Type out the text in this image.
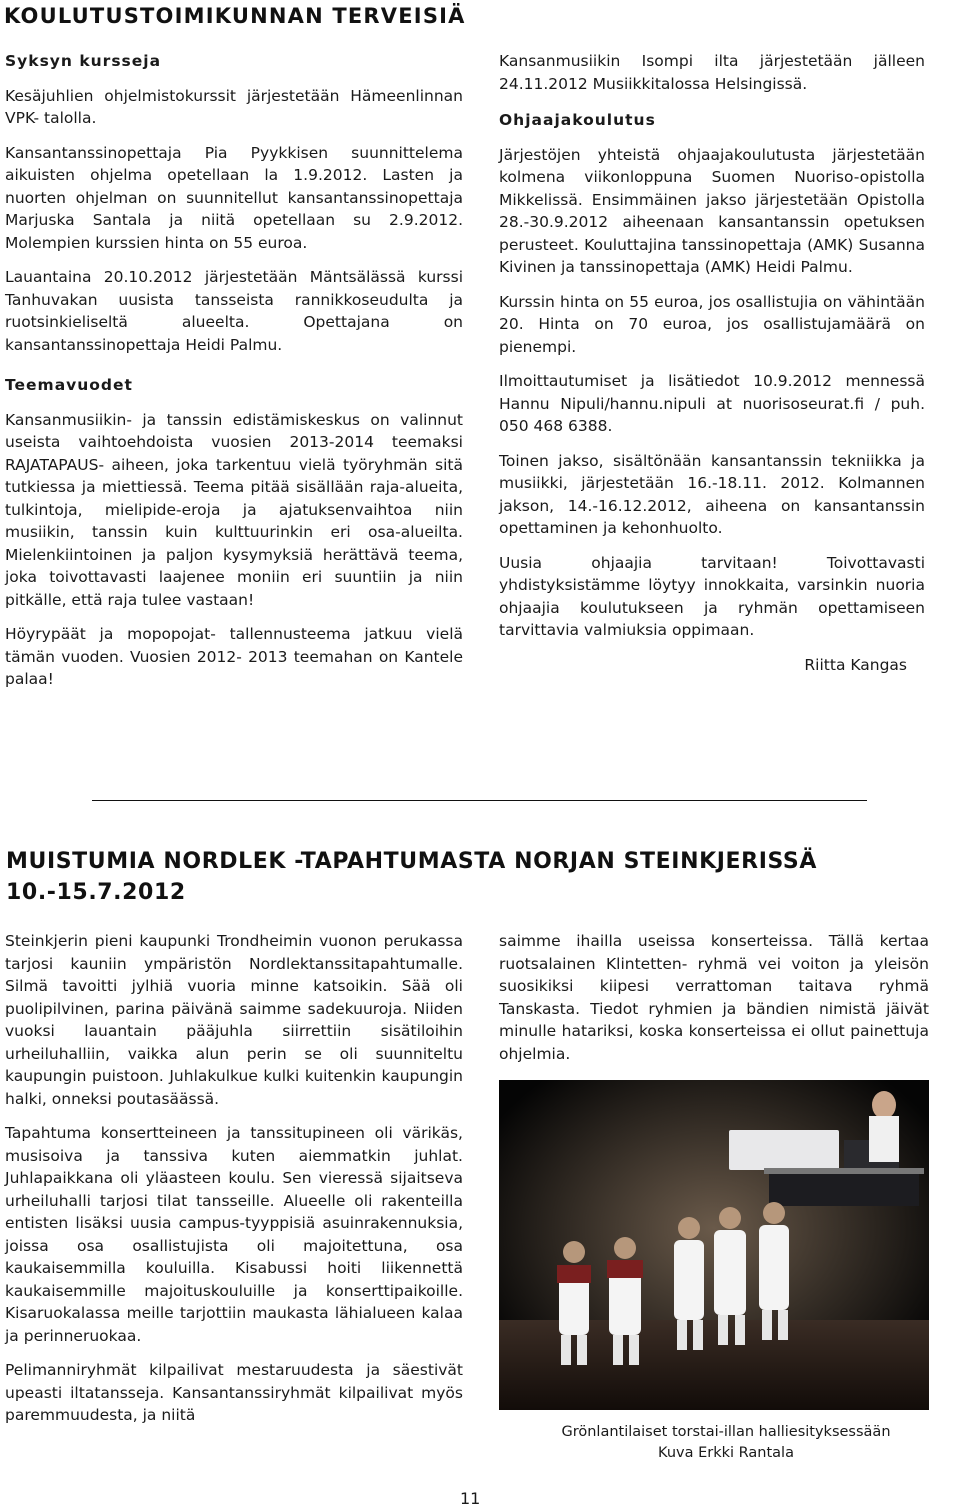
KOULUTUSTOIMIKUNNAN TERVEISIÄ
Syksyn kursseja

Kesäjuhlien ohjelmistokurssit järjestetään Hämeenlinnan VPK- talolla.

Kansantanssinopettaja Pia Pyykkisen suunnittelema aikuisten ohjelma opetellaan la 1.9.2012. Lasten ja nuorten ohjelman on suunnitellut kansantanssinopettaja Marjuska Santala ja niitä opetellaan su 2.9.2012. Molempien kurssien hinta on 55 euroa.

Lauantaina 20.10.2012 järjestetään Mäntsälässä kurssi Tanhuvakan uusista tansseista rannikkoseudulta ja ruotsinkieliseltä alueelta. Opettajana on kansantanssinopettaja Heidi Palmu.

Teemavuodet

Kansanmusiikin- ja tanssin edistämiskeskus on valinnut useista vaihtoehdoista vuosien 2013-2014 teemaksi RAJATAPAUS- aiheen, joka tarkentuu vielä työryhmän sitä tutkiessa ja miettiessä. Teema pitää sisällään raja-alueita, tulkintoja, mielipide-eroja ja ajatuksenvaihtoa niin musiikin, tanssin kuin kulttuurinkin eri osa-alueilta. Mielenkiintoinen ja paljon kysymyksiä herättävä teema, joka toivottavasti laajenee moniin eri suuntiin ja niin pitkälle, että raja tulee vastaan!

Höyrypäät ja mopopojat- tallennusteema jatkuu vielä tämän vuoden. Vuosien 2012- 2013 teemahan on Kantele palaa!

Kansanmusiikin Isompi ilta järjestetään jälleen 24.11.2012 Musiikkitalossa Helsingissä.

Ohjaajakoulutus

Järjestöjen yhteistä ohjaajakoulutusta järjestetään kolmena viikonloppuna Suomen Nuoriso-opistolla Mikkelissä. Ensimmäinen jakso järjestetään Opistolla 28.-30.9.2012 aiheenaan kansantanssin opetuksen perusteet. Kouluttajina tanssinopettaja (AMK) Susanna Kivinen ja tanssinopettaja (AMK) Heidi Palmu.

Kurssin hinta on 55 euroa, jos osallistujia on vähintään 20. Hinta on 70 euroa, jos osallistujamäärä on pienempi.

Ilmoittautumiset ja lisätiedot 10.9.2012 mennessä Hannu Nipuli/hannu.nipuli at nuorisoseurat.fi / puh. 050 468 6388.

Toinen jakso, sisältönään kansantanssin tekniikka ja musiikki, järjestetään 16.-18.11. 2012. Kolmannen jakson, 14.-16.12.2012, aiheena on kansantanssin opettaminen ja kehonhuolto.

Uusia ohjaajia tarvitaan! Toivottavasti yhdistyksistämme löytyy innokkaita, varsinkin nuoria ohjaajia koulutukseen ja ryhmän opettamiseen tarvittavia valmiuksia oppimaan.

Riitta Kangas

MUISTUMIA NORDLEK -TAPAHTUMASTA NORJAN STEINKJERISSÄ 10.-15.7.2012

Steinkjerin pieni kaupunki Trondheimin vuonon perukassa tarjosi kauniin ympäristön Nordlektanssitapahtumalle. Silmä tavoitti jylhiä vuoria minne katsoikin. Sää oli puolipilvinen, parina päivänä saimme sadekuuroja. Niiden vuoksi lauantain pääjuhla siirrettiin sisätiloihin urheiluhalliin, vaikka alun perin se oli suunniteltu kaupungin puistoon. Juhlakulkue kulki kuitenkin kaupungin halki, onneksi poutasäässä.

Tapahtuma konsertteineen ja tanssitupineen oli värikäs, musisoiva ja tanssiva kuten aiemmatkin juhlat. Juhlapaikkana oli yläasteen koulu. Sen vieressä sijaitseva urheiluhalli tarjosi tilat tansseille. Alueelle oli rakenteilla entisten lisäksi uusia campus-tyyppisiä asuinrakennuksia, joissa osa osallistujista oli majoitettuna, osa kaukaisemmilla kouluilla. Kisabussi hoiti liikennettä kaukaisemmille majoituskouluille ja konserttipaikoille. Kisaruokalassa meille tarjottiin maukasta lähialueen kalaa ja perinneruokaa.

Pelimanniryhmät kilpailivat mestaruudesta ja säestivät upeasti iltatansseja. Kansantanssiryhmät kilpailivat myös paremmuudesta, ja niitä

saimme ihailla useissa konserteissa. Tällä kertaa ruotsalainen Klintetten- ryhmä vei voiton ja yleisön suosikiksi kiipesi verrattoman taitava ryhmä Tanskasta. Tiedot ryhmien ja bändien nimistä jäivät minulle hatariksi, koska konserteissa ei ollut painettuja ohjelmia.

Grönlantilaiset torstai-illan halliesityksessään
Kuva Erkki Rantala
11
